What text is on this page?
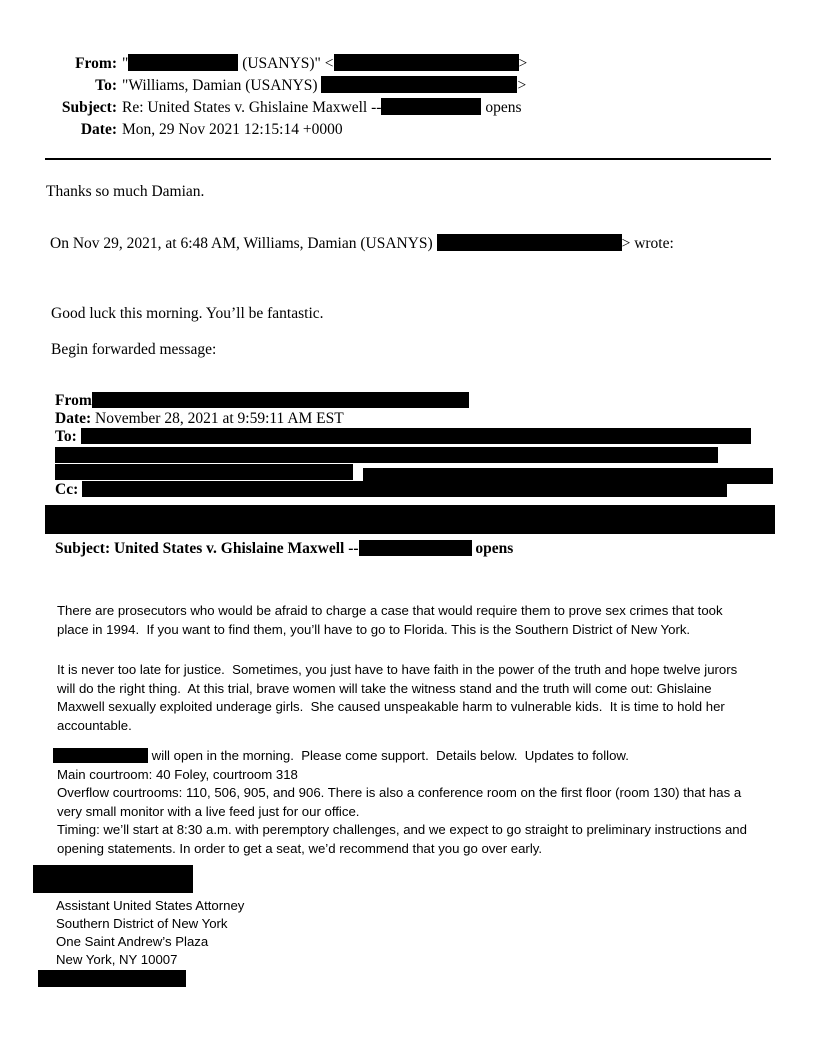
From: "	(USANYS)" <	>
To: "Williams, Damian (USANYS)	>
Subject: Re: United States v. Ghislaine Maxwell --	opens
Date: Mon, 29 Nov 2021 12:15:14 +0000
Thanks so much Damian.
On Nov 29, 2021, at 6:48 AM, Williams, Damian (USANYS)	> wrote:
Good luck this morning. You’ll be fantastic.
Begin forwarded message:
From
Date: November 28, 2021 at 9:59:11 AM EST
To:
Cc:
Subject: United States v. Ghislaine Maxwell --	opens
There are prosecutors who would be afraid to charge a case that would require them to prove sex crimes that took place in 1994.  If you want to find them, you’ll have to go to Florida. This is the Southern District of New York.
It is never too late for justice.  Sometimes, you just have to have faith in the power of the truth and hope twelve jurors will do the right thing.  At this trial, brave women will take the witness stand and the truth will come out: Ghislaine Maxwell sexually exploited underage girls.  She caused unspeakable harm to vulnerable kids.  It is time to hold her accountable.
will open in the morning.  Please come support.  Details below.  Updates to follow.
Main courtroom: 40 Foley, courtroom 318
Overflow courtrooms: 110, 506, 905, and 906. There is also a conference room on the first floor (room 130) that has a very small monitor with a live feed just for our office.
Timing: we’ll start at 8:30 a.m. with peremptory challenges, and we expect to go straight to preliminary instructions and opening statements. In order to get a seat, we’d recommend that you go over early.
Assistant United States Attorney
Southern District of New York
One Saint Andrew’s Plaza
New York, NY 10007
